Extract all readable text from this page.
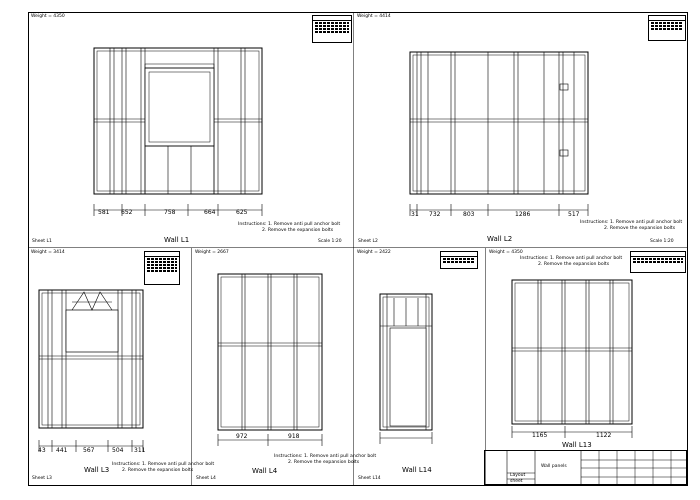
Weight = 4350

581 652	758	664	625
Wall L1
Instructions: 1. Remove anti pull anchor bolt
2. Remove the expansion bolts
Sheet L1	Scale 1:20
Weight = 4414

31 732	803	1286	517
Wall L2
Instructions: 1. Remove anti pull anchor bolt
2. Remove the expansion bolts
Sheet L2	Scale 1:20
Weight = 3414

43 441	567	504 311
Wall L3
Instructions: 1. Remove anti pull anchor bolt
2. Remove the expansion bolts
Sheet L3
Weight = 2667
972	918
Instructions: 1. Remove anti pull anchor bolt
2. Remove the expansion bolts
Wall L4
Sheet L4
Weight = 2422

Wall L14
Sheet L14
Weight = 4350

Instructions: 1. Remove anti pull anchor bolt
2. Remove the expansion bolts
1165	1122
Wall L13
Wall panels
Layout
sheet
